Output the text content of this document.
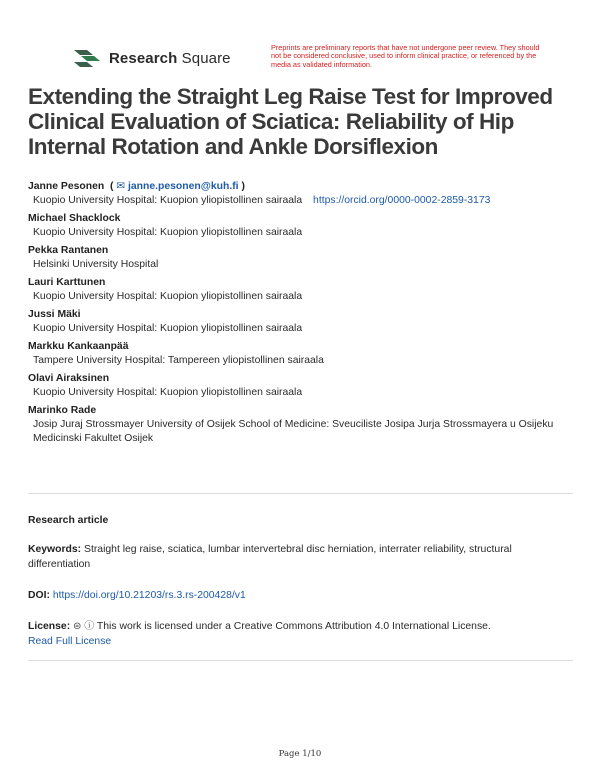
Research Square
Preprints are preliminary reports that have not undergone peer review. They should not be considered conclusive, used to inform clinical practice, or referenced by the media as validated information.
Extending the Straight Leg Raise Test for Improved Clinical Evaluation of Sciatica: Reliability of Hip Internal Rotation and Ankle Dorsiflexion
Janne Pesonen  ( ✉ janne.pesonen@kuh.fi )
Kuopio University Hospital: Kuopion yliopistollinen sairaala https://orcid.org/0000-0002-2859-3173
Michael Shacklock
Kuopio University Hospital: Kuopion yliopistollinen sairaala
Pekka Rantanen
Helsinki University Hospital
Lauri Karttunen
Kuopio University Hospital: Kuopion yliopistollinen sairaala
Jussi Mäki
Kuopio University Hospital: Kuopion yliopistollinen sairaala
Markku Kankaanpää
Tampere University Hospital: Tampereen yliopistollinen sairaala
Olavi Airaksinen
Kuopio University Hospital: Kuopion yliopistollinen sairaala
Marinko Rade
Josip Juraj Strossmayer University of Osijek School of Medicine: Sveuciliste Josipa Jurja Strossmayera u Osijeku Medicinski Fakultet Osijek
Research article
Keywords: Straight leg raise, sciatica, lumbar intervertebral disc herniation, interrater reliability, structural differentiation
DOI: https://doi.org/10.21203/rs.3.rs-200428/v1
License: ⊜ ⓘ This work is licensed under a Creative Commons Attribution 4.0 International License.
Read Full License
Page 1/10
